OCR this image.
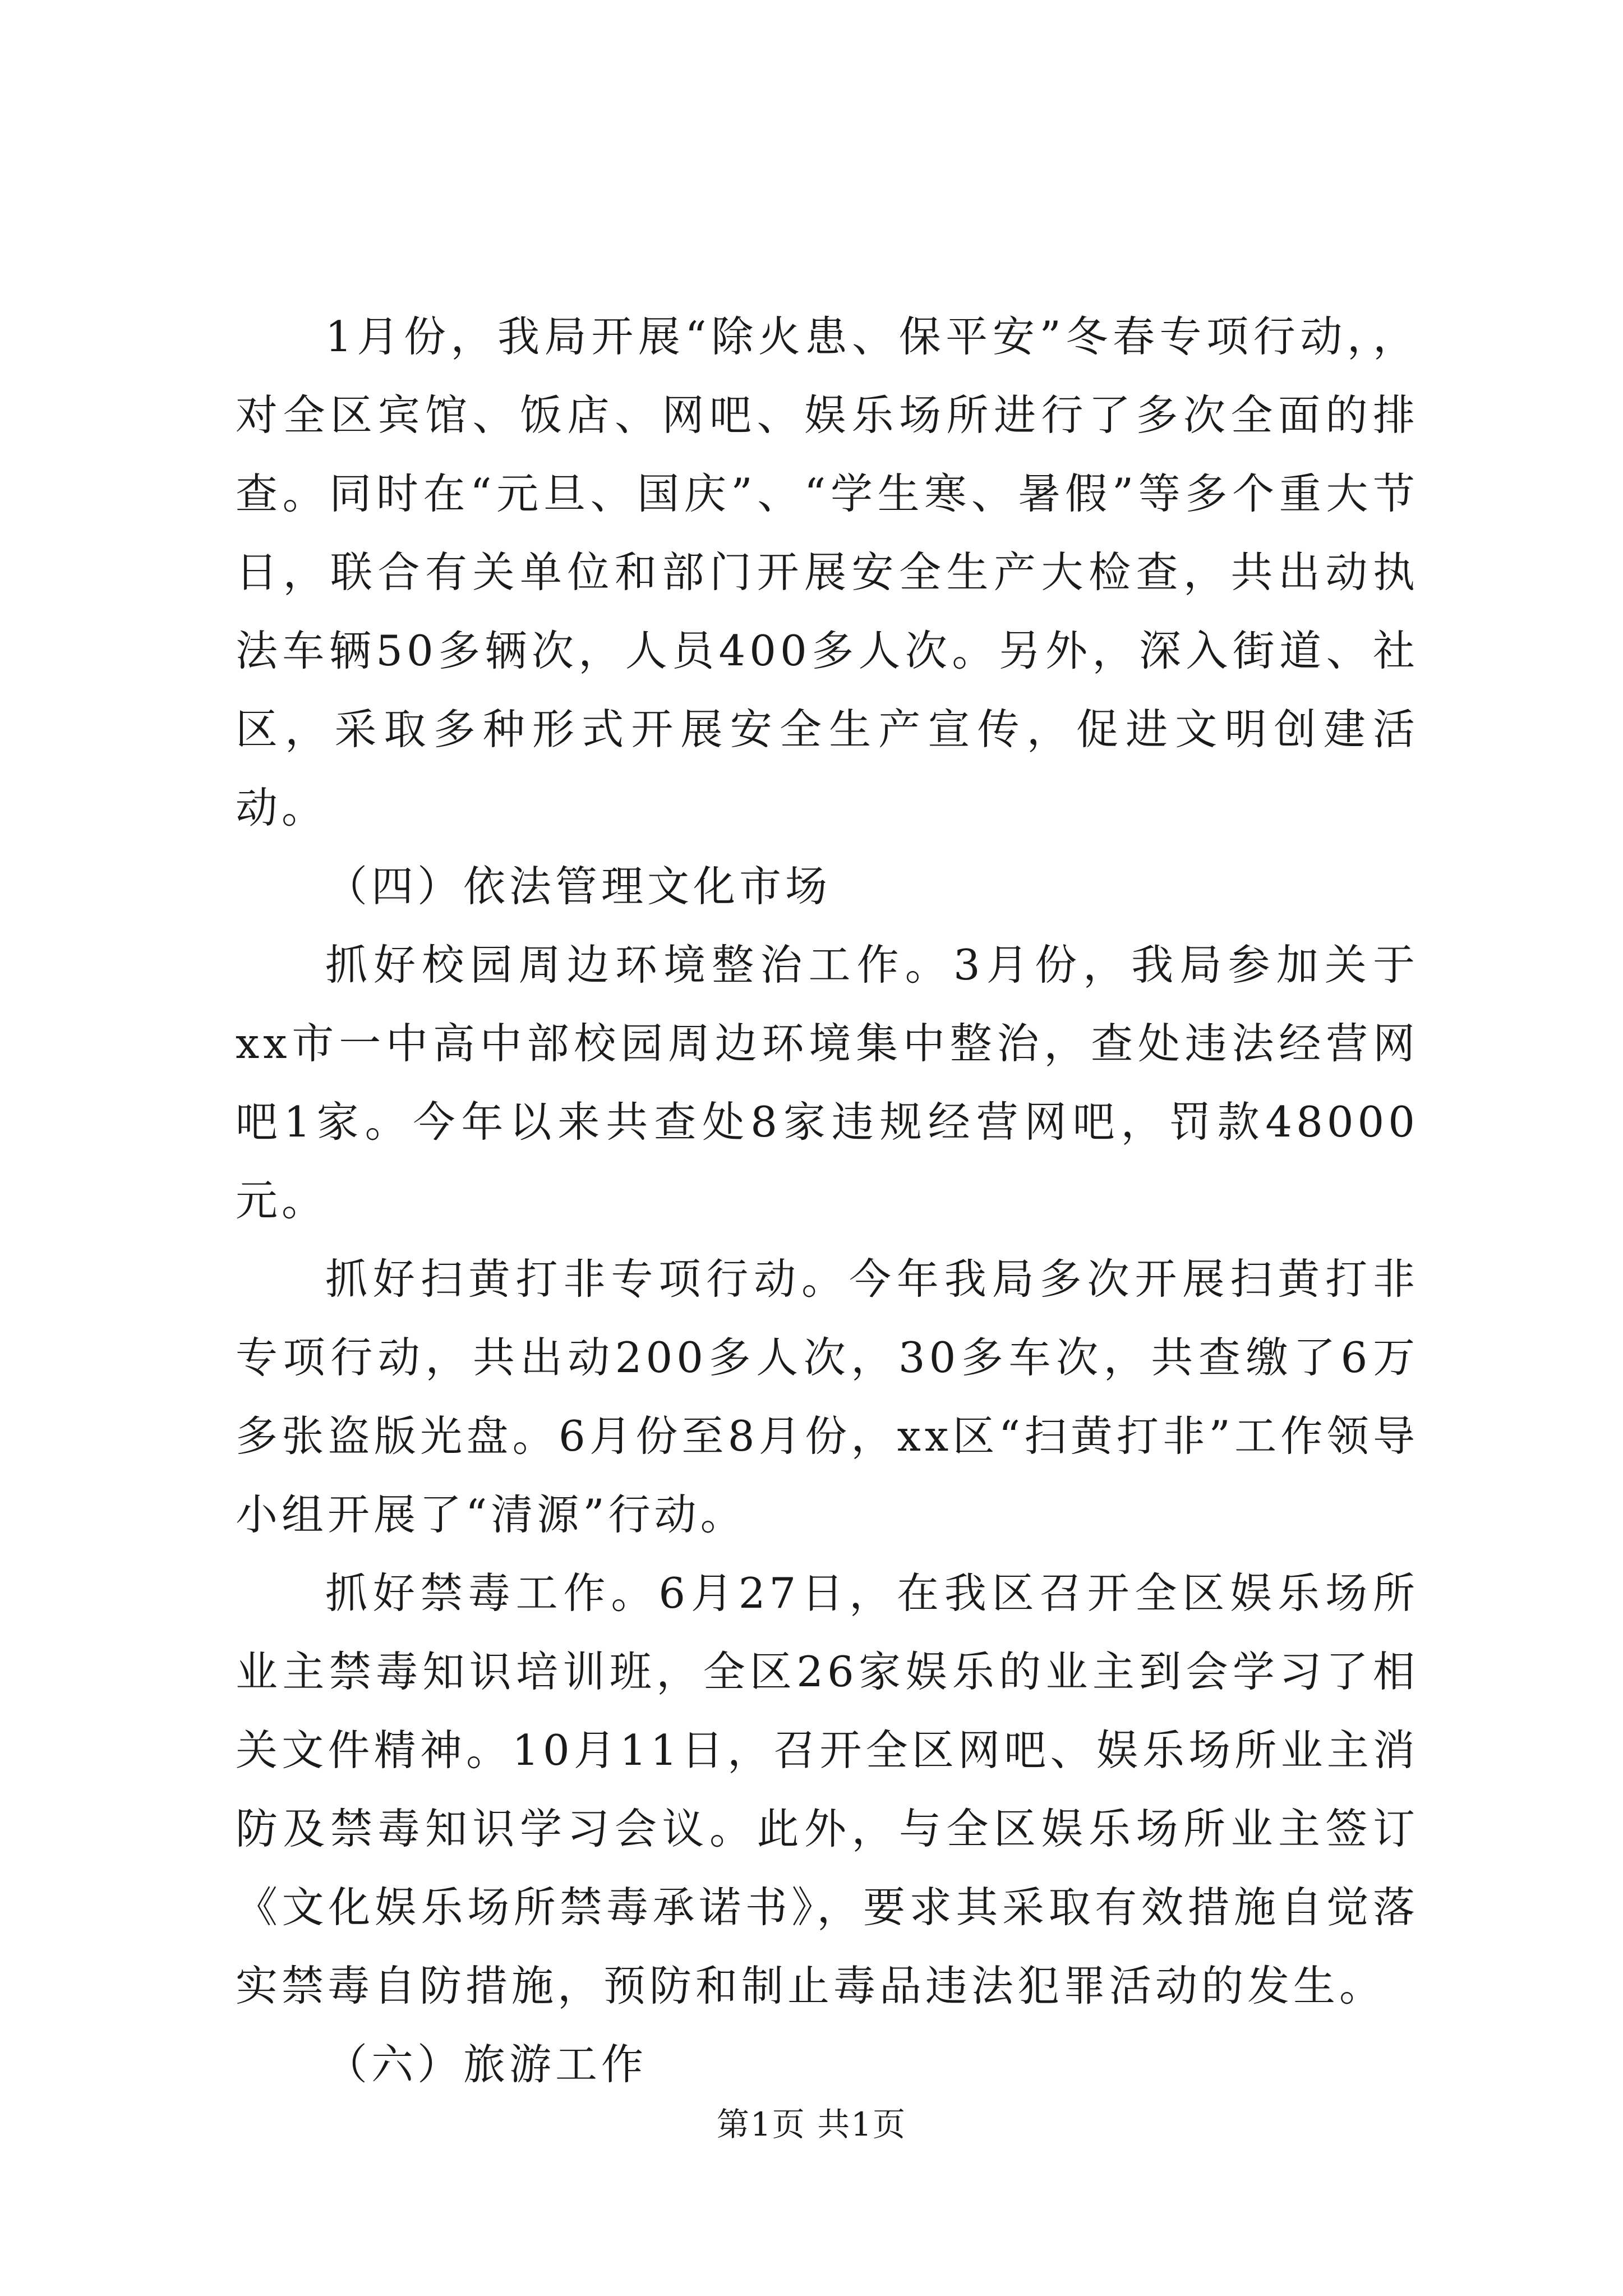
1月份，我局开展“除火患、保平安”冬春专项行动，，对全区宾馆、饭店、网吧、娱乐场所进行了多次全面的排查。同时在“元旦、国庆”、“学生寒、暑假”等多个重大节日，联合有关单位和部门开展安全生产大检查，共出动执法车辆50多辆次，人员400多人次。另外，深入街道、社区，采取多种形式开展安全生产宣传，促进文明创建活动。

（四）依法管理文化市场

抓好校园周边环境整治工作。3月份，我局参加关于xx市一中高中部校园周边环境集中整治，查处违法经营网吧1家。今年以来共查处8家违规经营网吧，罚款48000元。

抓好扫黄打非专项行动。今年我局多次开展扫黄打非专项行动，共出动200多人次，30多车次，共查缴了6万多张盗版光盘。6月份至8月份，xx区“扫黄打非”工作领导小组开展了“清源”行动。

抓好禁毒工作。6月27日，在我区召开全区娱乐场所业主禁毒知识培训班，全区26家娱乐的业主到会学习了相关文件精神。10月11日，召开全区网吧、娱乐场所业主消防及禁毒知识学习会议。此外，与全区娱乐场所业主签订《文化娱乐场所禁毒承诺书》，要求其采取有效措施自觉落实禁毒自防措施，预防和制止毒品违法犯罪活动的发生。

（六）旅游工作

第1页 共1页
